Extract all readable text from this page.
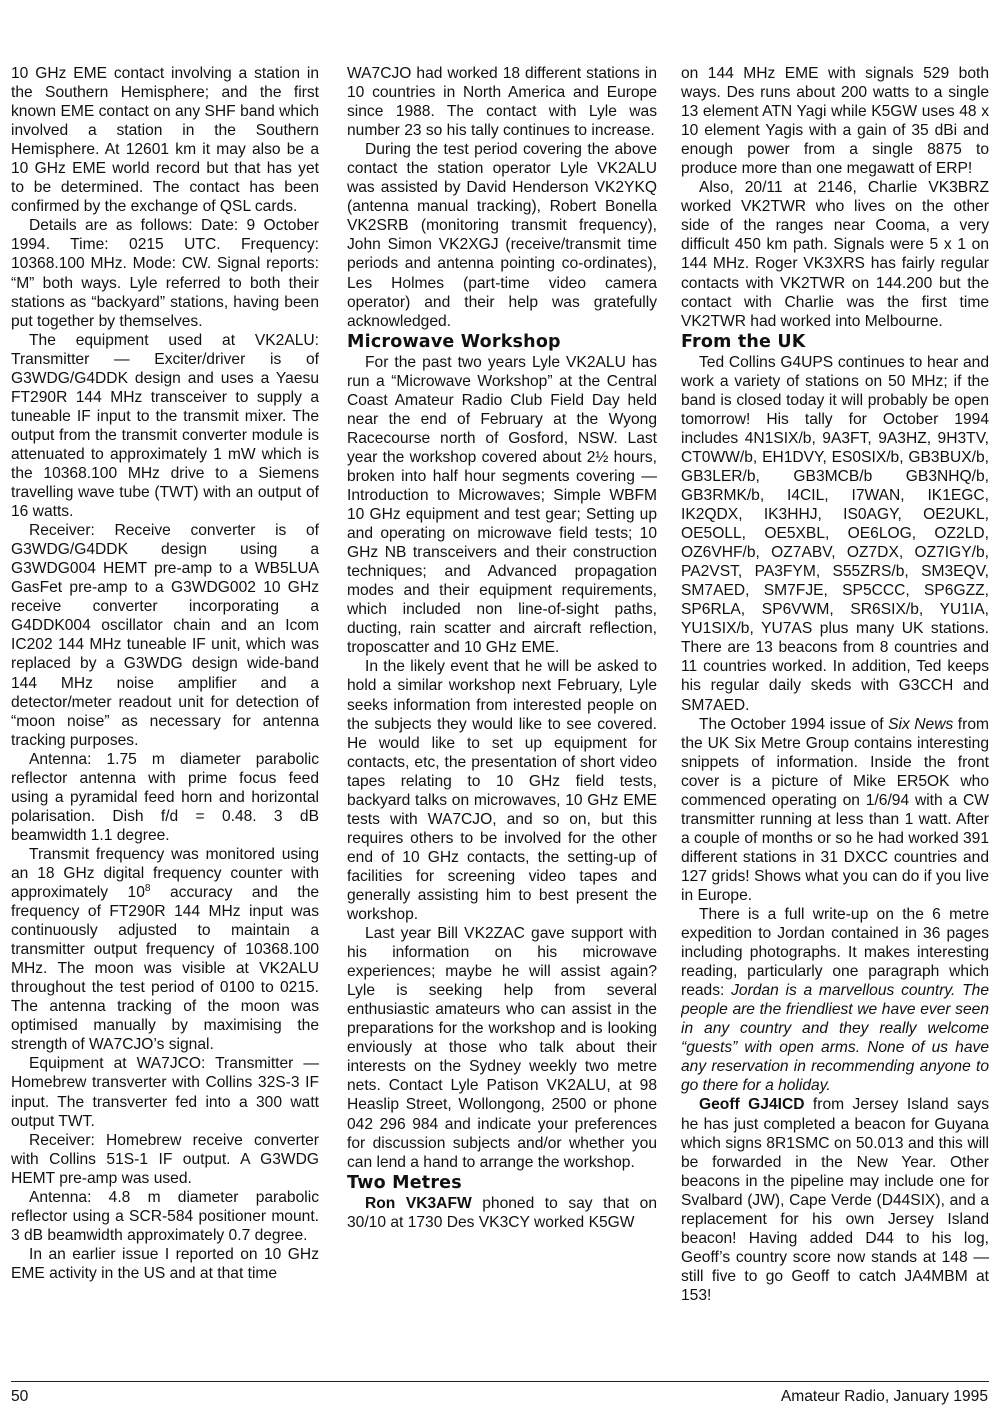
10 GHz EME contact involving a station in the Southern Hemisphere; and the first known EME contact on any SHF band which involved a station in the Southern Hemisphere. At 12601 km it may also be a 10 GHz EME world record but that has yet to be determined. The contact has been confirmed by the exchange of QSL cards.

Details are as follows: Date: 9 October 1994. Time: 0215 UTC. Frequency: 10368.100 MHz. Mode: CW. Signal reports: “M” both ways. Lyle referred to both their stations as “backyard” stations, having been put together by themselves.

The equipment used at VK2ALU: Transmitter — Exciter/driver is of G3WDG/G4DDK design and uses a Yaesu FT290R 144 MHz transceiver to supply a tuneable IF input to the transmit mixer. The output from the transmit converter module is attenuated to approximately 1 mW which is the 10368.100 MHz drive to a Siemens travelling wave tube (TWT) with an output of 16 watts.

Receiver: Receive converter is of G3WDG/G4DDK design using a G3WDG004 HEMT pre-amp to a WB5LUA GasFet pre-amp to a G3WDG002 10 GHz receive converter incorporating a G4DDK004 oscillator chain and an Icom IC202 144 MHz tuneable IF unit, which was replaced by a G3WDG design wide-band 144 MHz noise amplifier and a detector/meter readout unit for detection of “moon noise” as necessary for antenna tracking purposes.

Antenna: 1.75 m diameter parabolic reflector antenna with prime focus feed using a pyramidal feed horn and horizontal polarisation. Dish f/d = 0.48. 3 dB beamwidth 1.1 degree.

Transmit frequency was monitored using an 18 GHz digital frequency counter with approximately $10^8$ accuracy and the frequency of FT290R 144 MHz input was continuously adjusted to maintain a transmitter output frequency of 10368.100 MHz. The moon was visible at VK2ALU throughout the test period of 0100 to 0215. The antenna tracking of the moon was optimised manually by maximising the strength of WA7CJO’s signal.

Equipment at WA7JCO: Transmitter — Homebrew transverter with Collins 32S-3 IF input. The transverter fed into a 300 watt output TWT.

Receiver: Homebrew receive converter with Collins 51S-1 IF output. A G3WDG HEMT pre-amp was used.

Antenna: 4.8 m diameter parabolic reflector using a SCR-584 positioner mount. 3 dB beamwidth approximately 0.7 degree.

In an earlier issue I reported on 10 GHz EME activity in the US and at that time

WA7CJO had worked 18 different stations in 10 countries in North America and Europe since 1988. The contact with Lyle was number 23 so his tally continues to increase.

During the test period covering the above contact the station operator Lyle VK2ALU was assisted by David Henderson VK2YKQ (antenna manual tracking), Robert Bonella VK2SRB (monitoring transmit frequency), John Simon VK2XGJ (receive/transmit time periods and antenna pointing co-ordinates), Les Holmes (part-time video camera operator) and their help was gratefully acknowledged.

Microwave Workshop

For the past two years Lyle VK2ALU has run a “Microwave Workshop” at the Central Coast Amateur Radio Club Field Day held near the end of February at the Wyong Racecourse north of Gosford, NSW. Last year the workshop covered about 2½ hours, broken into half hour segments covering — Introduction to Microwaves; Simple WBFM 10 GHz equipment and test gear; Setting up and operating on microwave field tests; 10 GHz NB transceivers and their construction techniques; and Advanced propagation modes and their equipment requirements, which included non line-of-sight paths, ducting, rain scatter and aircraft reflection, troposcatter and 10 GHz EME.

In the likely event that he will be asked to hold a similar workshop next February, Lyle seeks information from interested people on the subjects they would like to see covered. He would like to set up equipment for contacts, etc, the presentation of short video tapes relating to 10 GHz field tests, backyard talks on microwaves, 10 GHz EME tests with WA7CJO, and so on, but this requires others to be involved for the other end of 10 GHz contacts, the setting-up of facilities for screening video tapes and generally assisting him to best present the workshop.

Last year Bill VK2ZAC gave support with his information on his microwave experiences; maybe he will assist again? Lyle is seeking help from several enthusiastic amateurs who can assist in the preparations for the workshop and is looking enviously at those who talk about their interests on the Sydney weekly two metre nets. Contact Lyle Patison VK2ALU, at 98 Heaslip Street, Wollongong, 2500 or phone 042 296 984 and indicate your preferences for discussion subjects and/or whether you can lend a hand to arrange the workshop.

Two Metres

Ron VK3AFW phoned to say that on 30/10 at 1730 Des VK3CY worked K5GW

on 144 MHz EME with signals 529 both ways. Des runs about 200 watts to a single 13 element ATN Yagi while K5GW uses 48 x 10 element Yagis with a gain of 35 dBi and enough power from a single 8875 to produce more than one megawatt of ERP!

Also, 20/11 at 2146, Charlie VK3BRZ worked VK2TWR who lives on the other side of the ranges near Cooma, a very difficult 450 km path. Signals were 5 x 1 on 144 MHz. Roger VK3XRS has fairly regular contacts with VK2TWR on 144.200 but the contact with Charlie was the first time VK2TWR had worked into Melbourne.

From the UK

Ted Collins G4UPS continues to hear and work a variety of stations on 50 MHz; if the band is closed today it will probably be open tomorrow! His tally for October 1994 includes 4N1SIX/b, 9A3FT, 9A3HZ, 9H3TV, CT0WW/b, EH1DVY, ES0SIX/b, GB3BUX/b, GB3LER/b, GB3MCB/b GB3NHQ/b, GB3RMK/b, I4CIL, I7WAN, IK1EGC, IK2QDX, IK3HHJ, IS0AGY, OE2UKL, OE5OLL, OE5XBL, OE6LOG, OZ2LD, OZ6VHF/b, OZ7ABV, OZ7DX, OZ7IGY/b, PA2VST, PA3FYM, S55ZRS/b, SM3EQV, SM7AED, SM7FJE, SP5CCC, SP6GZZ, SP6RLA, SP6VWM, SR6SIX/b, YU1IA, YU1SIX/b, YU7AS plus many UK stations. There are 13 beacons from 8 countries and 11 countries worked. In addition, Ted keeps his regular daily skeds with G3CCH and SM7AED.

The October 1994 issue of Six News from the UK Six Metre Group contains interesting snippets of information. Inside the front cover is a picture of Mike ER5OK who commenced operating on 1/6/94 with a CW transmitter running at less than 1 watt. After a couple of months or so he had worked 391 different stations in 31 DXCC countries and 127 grids! Shows what you can do if you live in Europe.

There is a full write-up on the 6 metre expedition to Jordan contained in 36 pages including photographs. It makes interesting reading, particularly one paragraph which reads: Jordan is a marvellous country. The people are the friendliest we have ever seen in any country and they really welcome “guests” with open arms. None of us have any reservation in recommending anyone to go there for a holiday.

Geoff GJ4ICD from Jersey Island says he has just completed a beacon for Guyana which signs 8R1SMC on 50.013 and this will be forwarded in the New Year. Other beacons in the pipeline may include one for Svalbard (JW), Cape Verde (D44SIX), and a replacement for his own Jersey Island beacon! Having added D44 to his log, Geoff’s country score now stands at 148 — still five to go Geoff to catch JA4MBM at 153!

50	Amateur Radio, January 1995
